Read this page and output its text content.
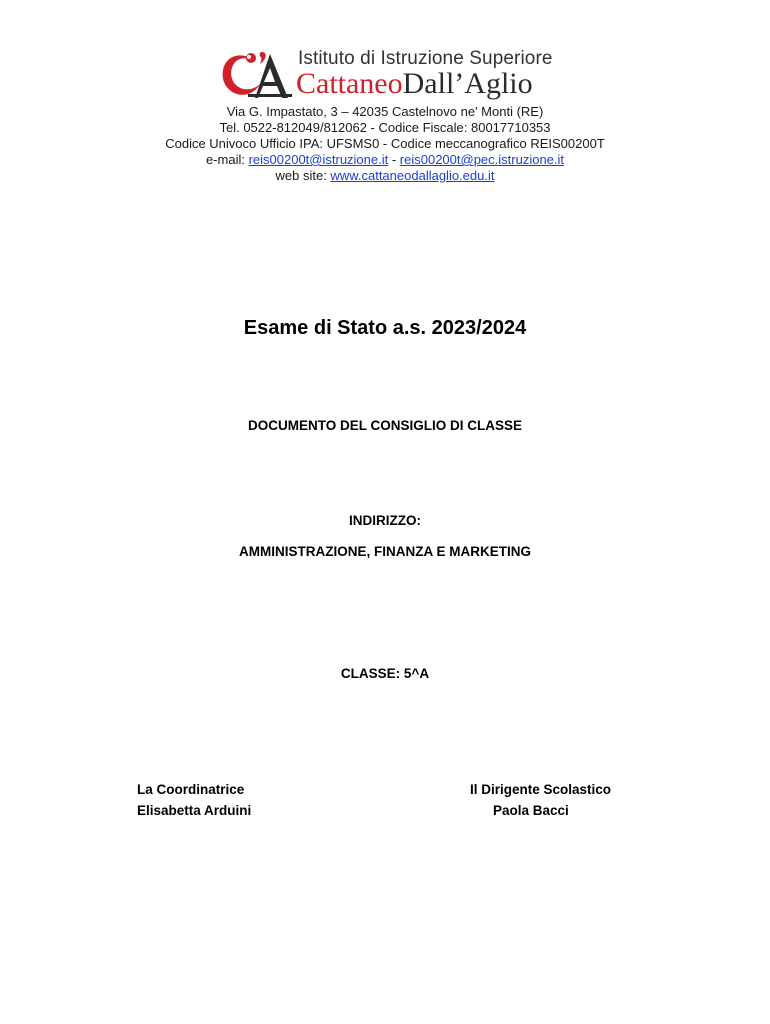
Istituto di Istruzione Superiore
CattaneoDall’Aglio
Via G. Impastato, 3 – 42035 Castelnovo ne' Monti (RE)
Tel. 0522-812049/812062 - Codice Fiscale: 80017710353
Codice Univoco Ufficio IPA: UFSMS0 - Codice meccanografico REIS00200T
e-mail: reis00200t@istruzione.it - reis00200t@pec.istruzione.it
web site: www.cattaneodallaglio.edu.it
Esame di Stato a.s. 2023/2024
DOCUMENTO DEL CONSIGLIO DI CLASSE
INDIRIZZO:
AMMINISTRAZIONE, FINANZA E MARKETING
CLASSE: 5^A
La Coordinatrice
Elisabetta Arduini
Il Dirigente Scolastico
Paola Bacci
